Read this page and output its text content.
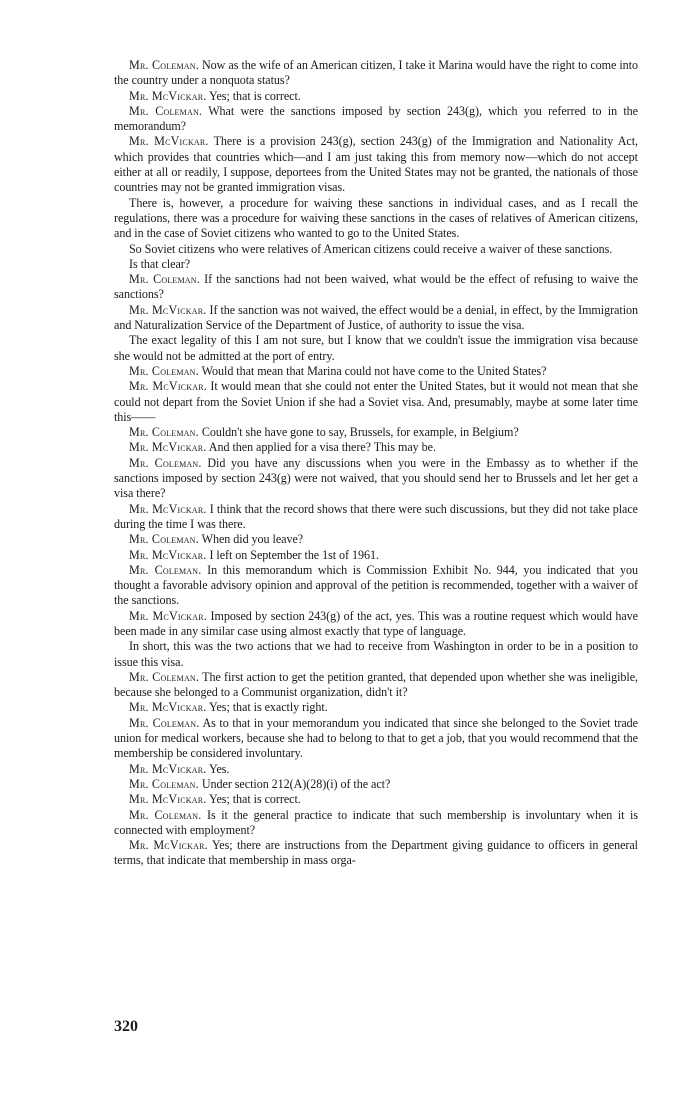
Mr. Coleman. Now as the wife of an American citizen, I take it Marina would have the right to come into the country under a nonquota status?

Mr. McVickar. Yes; that is correct.

Mr. Coleman. What were the sanctions imposed by section 243(g), which you referred to in the memorandum?

Mr. McVickar. There is a provision 243(g), section 243(g) of the Immigration and Nationality Act, which provides that countries which—and I am just taking this from memory now—which do not accept either at all or readily, I suppose, deportees from the United States may not be granted, the nationals of those countries may not be granted immigration visas.

There is, however, a procedure for waiving these sanctions in individual cases, and as I recall the regulations, there was a procedure for waiving these sanctions in the cases of relatives of American citizens, and in the case of Soviet citizens who wanted to go to the United States.

So Soviet citizens who were relatives of American citizens could receive a waiver of these sanctions.

Is that clear?

Mr. Coleman. If the sanctions had not been waived, what would be the effect of refusing to waive the sanctions?

Mr. McVickar. If the sanction was not waived, the effect would be a denial, in effect, by the Immigration and Naturalization Service of the Department of Justice, of authority to issue the visa.

The exact legality of this I am not sure, but I know that we couldn't issue the immigration visa because she would not be admitted at the port of entry.

Mr. Coleman. Would that mean that Marina could not have come to the United States?

Mr. McVickar. It would mean that she could not enter the United States, but it would not mean that she could not depart from the Soviet Union if she had a Soviet visa. And, presumably, maybe at some later time this——

Mr. Coleman. Couldn't she have gone to say, Brussels, for example, in Belgium?

Mr. McVickar. And then applied for a visa there? This may be.

Mr. Coleman. Did you have any discussions when you were in the Embassy as to whether if the sanctions imposed by section 243(g) were not waived, that you should send her to Brussels and let her get a visa there?

Mr. McVickar. I think that the record shows that there were such discussions, but they did not take place during the time I was there.

Mr. Coleman. When did you leave?

Mr. McVickar. I left on September the 1st of 1961.

Mr. Coleman. In this memorandum which is Commission Exhibit No. 944, you indicated that you thought a favorable advisory opinion and approval of the petition is recommended, together with a waiver of the sanctions.

Mr. McVickar. Imposed by section 243(g) of the act, yes. This was a routine request which would have been made in any similar case using almost exactly that type of language.

In short, this was the two actions that we had to receive from Washington in order to be in a position to issue this visa.

Mr. Coleman. The first action to get the petition granted, that depended upon whether she was ineligible, because she belonged to a Communist organization, didn't it?

Mr. McVickar. Yes; that is exactly right.

Mr. Coleman. As to that in your memorandum you indicated that since she belonged to the Soviet trade union for medical workers, because she had to belong to that to get a job, that you would recommend that the membership be considered involuntary.

Mr. McVickar. Yes.

Mr. Coleman. Under section 212(A)(28)(i) of the act?

Mr. McVickar. Yes; that is correct.

Mr. Coleman. Is it the general practice to indicate that such membership is involuntary when it is connected with employment?

Mr. McVickar. Yes; there are instructions from the Department giving guidance to officers in general terms, that indicate that membership in mass orga-

320
